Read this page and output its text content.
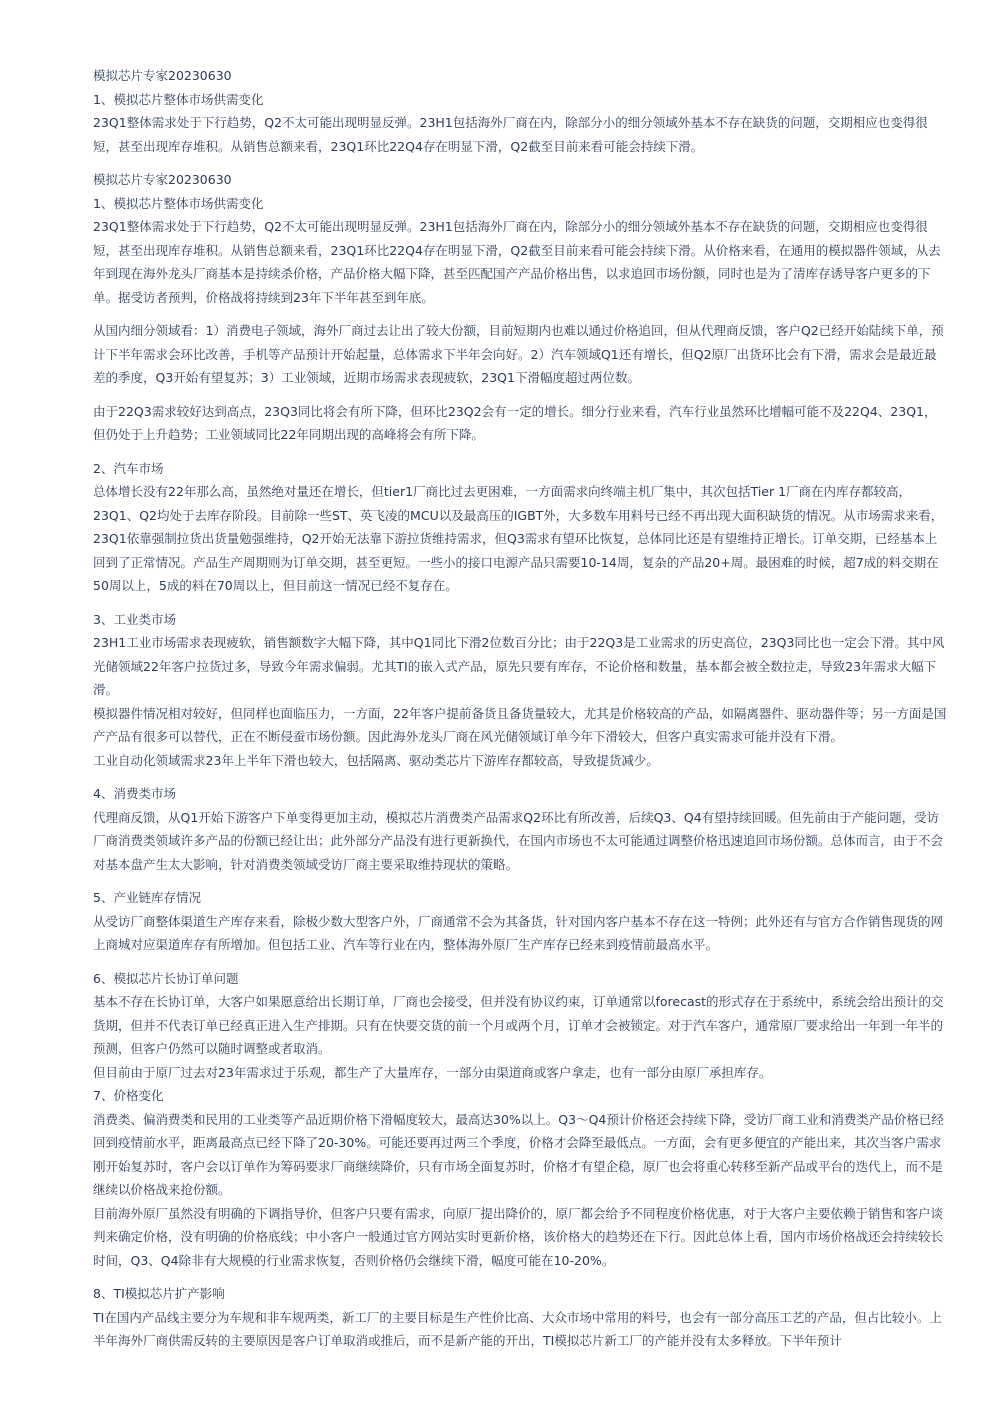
模拟芯片专家20230630
1、模拟芯片整体市场供需变化

23Q1整体需求处于下行趋势，Q2不太可能出现明显反弹。23H1包括海外厂商在内，除部分小的细分领域外基本不存在缺货的问题，交期相应也变得很短，甚至出现库存堆积。从销售总额来看，23Q1环比22Q4存在明显下滑，Q2截至目前来看可能会持续下滑。

模拟芯片专家20230630
1、模拟芯片整体市场供需变化

23Q1整体需求处于下行趋势，Q2不太可能出现明显反弹。23H1包括海外厂商在内，除部分小的细分领域外基本不存在缺货的问题，交期相应也变得很短，甚至出现库存堆积。从销售总额来看，23Q1环比22Q4存在明显下滑，Q2截至目前来看可能会持续下滑。从价格来看，在通用的模拟器件领域，从去年到现在海外龙头厂商基本是持续杀价格，产品价格大幅下降，甚至匹配国产产品价格出售，以求追回市场份额，同时也是为了清库存诱导客户更多的下单。据受访者预判，价格战将持续到23年下半年甚至到年底。

从国内细分领域看：1）消费电子领域，海外厂商过去让出了较大份额，目前短期内也难以通过价格追回，但从代理商反馈，客户Q2已经开始陆续下单，预计下半年需求会环比改善，手机等产品预计开始起量，总体需求下半年会向好。2）汽车领域Q1还有增长，但Q2原厂出货环比会有下滑，需求会是最近最差的季度，Q3开始有望复苏；3）工业领域，近期市场需求表现疲软，23Q1下滑幅度超过两位数。

由于22Q3需求较好达到高点，23Q3同比将会有所下降，但环比23Q2会有一定的增长。细分行业来看，汽车行业虽然环比增幅可能不及22Q4、23Q1，但仍处于上升趋势；工业领域同比22年同期出现的高峰将会有所下降。

2、汽车市场

总体增长没有22年那么高，虽然绝对量还在增长，但tier1厂商比过去更困难，一方面需求向终端主机厂集中，其次包括Tier 1厂商在内库存都较高，23Q1、Q2均处于去库存阶段。目前除一些ST、英飞凌的MCU以及最高压的IGBT外，大多数车用料号已经不再出现大面积缺货的情况。从市场需求来看，23Q1依靠强制拉货出货量勉强维持，Q2开始无法靠下游拉货维持需求，但Q3需求有望环比恢复，总体同比还是有望维持正增长。订单交期，已经基本上回到了正常情况。产品生产周期则为订单交期，甚至更短。一些小的接口电源产品只需要10-14周，复杂的产品20+周。最困难的时候，超7成的料交期在50周以上，5成的料在70周以上，但目前这一情况已经不复存在。

3、工业类市场

23H1工业市场需求表现疲软，销售额数字大幅下降，其中Q1同比下滑2位数百分比；由于22Q3是工业需求的历史高位，23Q3同比也一定会下滑。其中风光储领域22年客户拉货过多，导致今年需求偏弱。尤其TI的嵌入式产品，原先只要有库存，不论价格和数量，基本都会被全数拉走，导致23年需求大幅下滑。

模拟器件情况相对较好，但同样也面临压力，一方面，22年客户提前备货且备货量较大，尤其是价格较高的产品，如隔离器件、驱动器件等；另一方面是国产产品有很多可以替代，正在不断侵蚕市场份额。因此海外龙头厂商在风光储领域订单今年下滑较大，但客户真实需求可能并没有下滑。

工业自动化领域需求23年上半年下滑也较大，包括隔离、驱动类芯片下游库存都较高，导致提货减少。

4、消费类市场

代理商反馈，从Q1开始下游客户下单变得更加主动，模拟芯片消费类产品需求Q2环比有所改善，后续Q3、Q4有望持续回暖。但先前由于产能问题，受访厂商消费类领域许多产品的份额已经让出；此外部分产品没有进行更新换代，在国内市场也不太可能通过调整价格迅速追回市场份额。总体而言，由于不会对基本盘产生太大影响，针对消费类领域受访厂商主要采取维持现状的策略。

5、产业链库存情况

从受访厂商整体渠道生产库存来看，除极少数大型客户外，厂商通常不会为其备货，针对国内客户基本不存在这一特例；此外还有与官方合作销售现货的网上商城对应渠道库存有所增加。但包括工业、汽车等行业在内，整体海外原厂生产库存已经来到疫情前最高水平。

6、模拟芯片长协订单问题

基本不存在长协订单，大客户如果愿意给出长期订单，厂商也会接受，但并没有协议约束，订单通常以forecast的形式存在于系统中，系统会给出预计的交货期，但并不代表订单已经真正进入生产排期。只有在快要交货的前一个月或两个月，订单才会被锁定。对于汽车客户，通常原厂要求给出一年到一年半的预测，但客户仍然可以随时调整或者取消。

但目前由于原厂过去对23年需求过于乐观，都生产了大量库存，一部分由渠道商或客户拿走，也有一部分由原厂承担库存。

7、价格变化

消费类、偏消费类和民用的工业类等产品近期价格下滑幅度较大，最高达30%以上。Q3～Q4预计价格还会持续下降，受访厂商工业和消费类产品价格已经回到疫情前水平，距离最高点已经下降了20-30%。可能还要再过两三个季度，价格才会降至最低点。一方面，会有更多便宜的产能出来，其次当客户需求刚开始复苏时，客户会以订单作为筹码要求厂商继续降价，只有市场全面复苏时，价格才有望企稳，原厂也会将重心转移至新产品或平台的迭代上，而不是继续以价格战来抢份额。

目前海外原厂虽然没有明确的下调指导价，但客户只要有需求，向原厂提出降价的，原厂都会给予不同程度价格优惠，对于大客户主要依赖于销售和客户谈判来确定价格，没有明确的价格底线；中小客户一般通过官方网站实时更新价格，该价格大的趋势还在下行。因此总体上看，国内市场价格战还会持续较长时间，Q3、Q4除非有大规模的行业需求恢复，否则价格仍会继续下滑，幅度可能在10-20%。

8、TI模拟芯片扩产影响

TI在国内产品线主要分为车规和非车规两类，新工厂的主要目标是生产性价比高、大众市场中常用的料号，也会有一部分高压工艺的产品，但占比较小。上半年海外厂商供需反转的主要原因是客户订单取消或推后，而不是新产能的开出，TI模拟芯片新工厂的产能并没有太多释放。下半年预计
